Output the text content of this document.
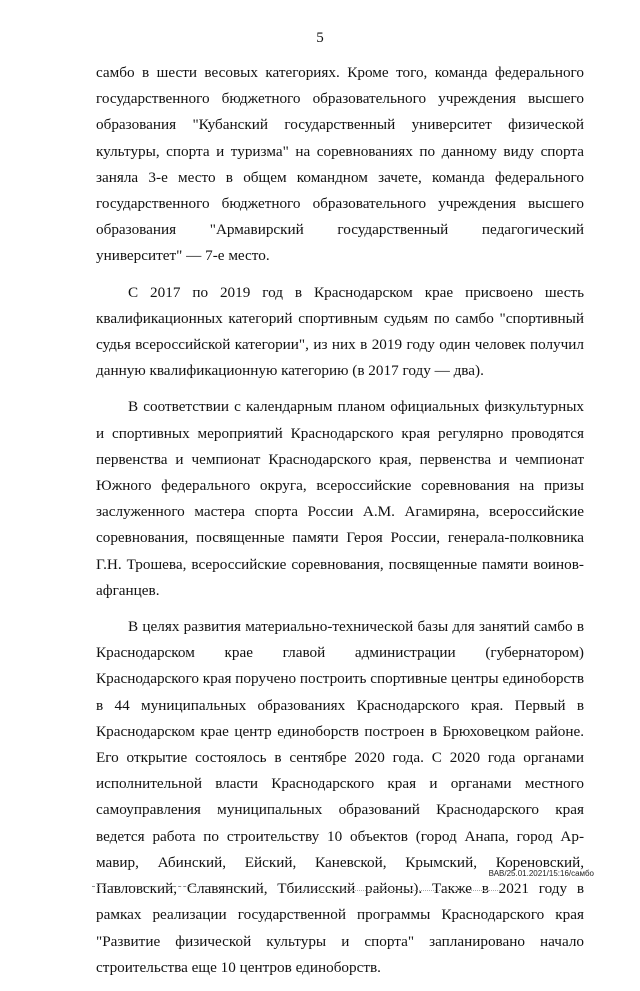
5

самбо в шести весовых категориях. Кроме того, команда федерального государственного бюджетного образовательного учреждения высшего образования "Кубанский государственный университет физической культуры, спорта и туризма" на соревнованиях по данному виду спорта заняла 3-е место в общем командном зачете, команда федерального государственного бюджетного образовательного учреждения высшего образования "Армавирский государственный педагогический университет" — 7-е место.

С 2017 по 2019 год в Краснодарском крае присвоено шесть квалификационных категорий спортивным судьям по самбо "спортивный судья всероссийской категории", из них в 2019 году один человек получил данную квалификационную категорию (в 2017 году — два).

В соответствии с календарным планом официальных физкультурных и спортивных мероприятий Краснодарского края регулярно проводятся первенства и чемпионат Краснодарского края, первенства и чемпионат Южного федерального округа, всероссийские соревнования на призы заслуженного мастера спорта России А.М. Агамиряна, всероссийские соревнования, посвященные памяти Героя России, генерала-полковника Г.Н. Трошева, всероссийские соревнования, посвященные памяти воинов-афганцев.

В целях развития материально-технической базы для занятий самбо в Краснодарском крае главой администрации (губернатором) Краснодарского края поручено построить спортивные центры единоборств в 44 муниципальных образованиях Краснодарского края. Первый в Краснодарском крае центр единоборств построен в Брюховецком районе. Его открытие состоялось в сентябре 2020 года. С 2020 года органами исполнительной власти Краснодарского края и органами местного самоуправления муниципальных образований Краснодарского края ведется работа по строительству 10 объектов (город Анапа, город Армавир, Абинский, Ейский, Каневской, Крымский, Кореновский, Павловский, Славянский, Тбилисский районы). Также в 2021 году в рамках реализации государственной программы Краснодарского края "Развитие физической культуры и спорта" запланировано начало строительства еще 10 центров единоборств.

ВАВ/25.01.2021/15:16/самбо
